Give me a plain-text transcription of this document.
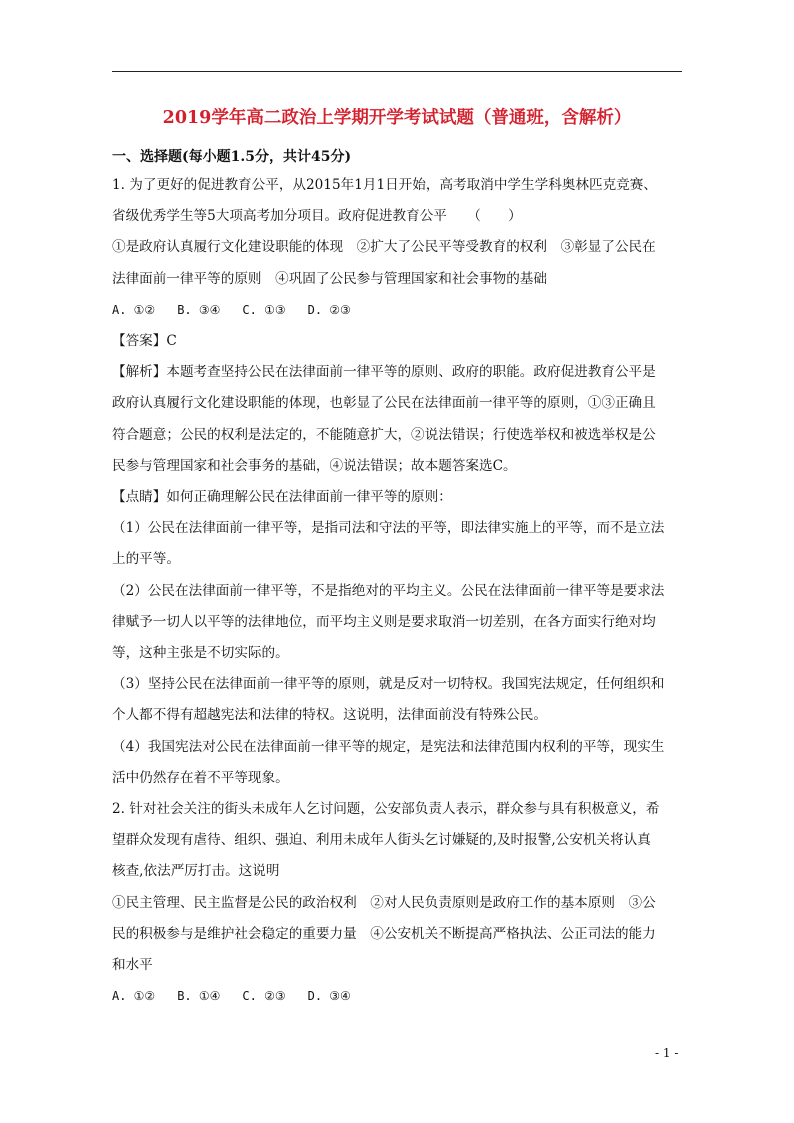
2019学年高二政治上学期开学考试试题（普通班，含解析）
一、选择题(每小题1.5分，共计45分)

1. 为了更好的促进教育公平，从2015年1月1日开始，高考取消中学生学科奥林匹克竞赛、

省级优秀学生等5大项高考加分项目。政府促进教育公平　　（　　）

①是政府认真履行文化建设职能的体现　②扩大了公民平等受教育的权利　③彰显了公民在

法律面前一律平等的原则　④巩固了公民参与管理国家和社会事物的基础

A. ①② B. ③④ C. ①③ D. ②③

【答案】C

【解析】本题考查坚持公民在法律面前一律平等的原则、政府的职能。政府促进教育公平是

政府认真履行文化建设职能的体现，也彰显了公民在法律面前一律平等的原则，①③正确且

符合题意；公民的权利是法定的，不能随意扩大，②说法错误；行使选举权和被选举权是公

民参与管理国家和社会事务的基础，④说法错误；故本题答案选C。

【点睛】如何正确理解公民在法律面前一律平等的原则：

（1）公民在法律面前一律平等，是指司法和守法的平等，即法律实施上的平等，而不是立法

上的平等。

（2）公民在法律面前一律平等，不是指绝对的平均主义。公民在法律面前一律平等是要求法

律赋予一切人以平等的法律地位，而平均主义则是要求取消一切差别，在各方面实行绝对均

等，这种主张是不切实际的。

（3）坚持公民在法律面前一律平等的原则，就是反对一切特权。我国宪法规定，任何组织和

个人都不得有超越宪法和法律的特权。这说明，法律面前没有特殊公民。

（4）我国宪法对公民在法律面前一律平等的规定，是宪法和法律范围内权利的平等，现实生

活中仍然存在着不平等现象。

2. 针对社会关注的街头未成年人乞讨问题，公安部负责人表示，群众参与具有积极意义，希

望群众发现有虐待、组织、强迫、利用未成年人街头乞讨嫌疑的,及时报警,公安机关将认真

核查,依法严厉打击。这说明

①民主管理、民主监督是公民的政治权利　②对人民负责原则是政府工作的基本原则　③公

民的积极参与是维护社会稳定的重要力量　④公安机关不断提高严格执法、公正司法的能力

和水平

A. ①② B. ①④ C. ②③ D. ③④

- 1 -
